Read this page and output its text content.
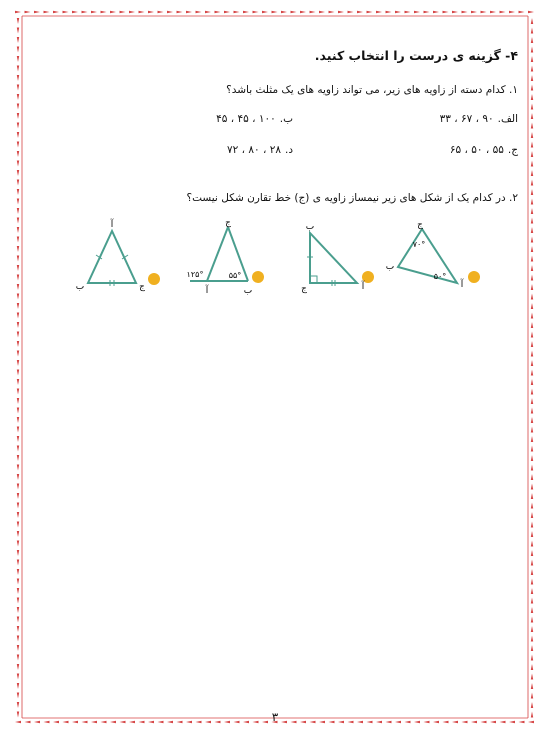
۴- گزینه ی درست را انتخاب کنید.
۱. کدام دسته از زاویه های زیر، می تواند زاویه های یک مثلث باشد؟
الف.۹۰ ، ۶۷ ، ۳۳
ب.۱۰۰ ، ۴۵ ، ۴۵
ج.۵۵ ، ۵۰ ، ۶۵
د.۲۸ ، ۸۰ ، ۷۲
۲. در کدام یک از شکل های زیر نیمساز زاویه ی (ج) خط تقارن شکل نیست؟
ج
ب
آ
۷۰°
۵۰°
ب
ج	آ
ج
آ	ب
۱۲۵°	۵۵°
آ
ب	ج
۳
